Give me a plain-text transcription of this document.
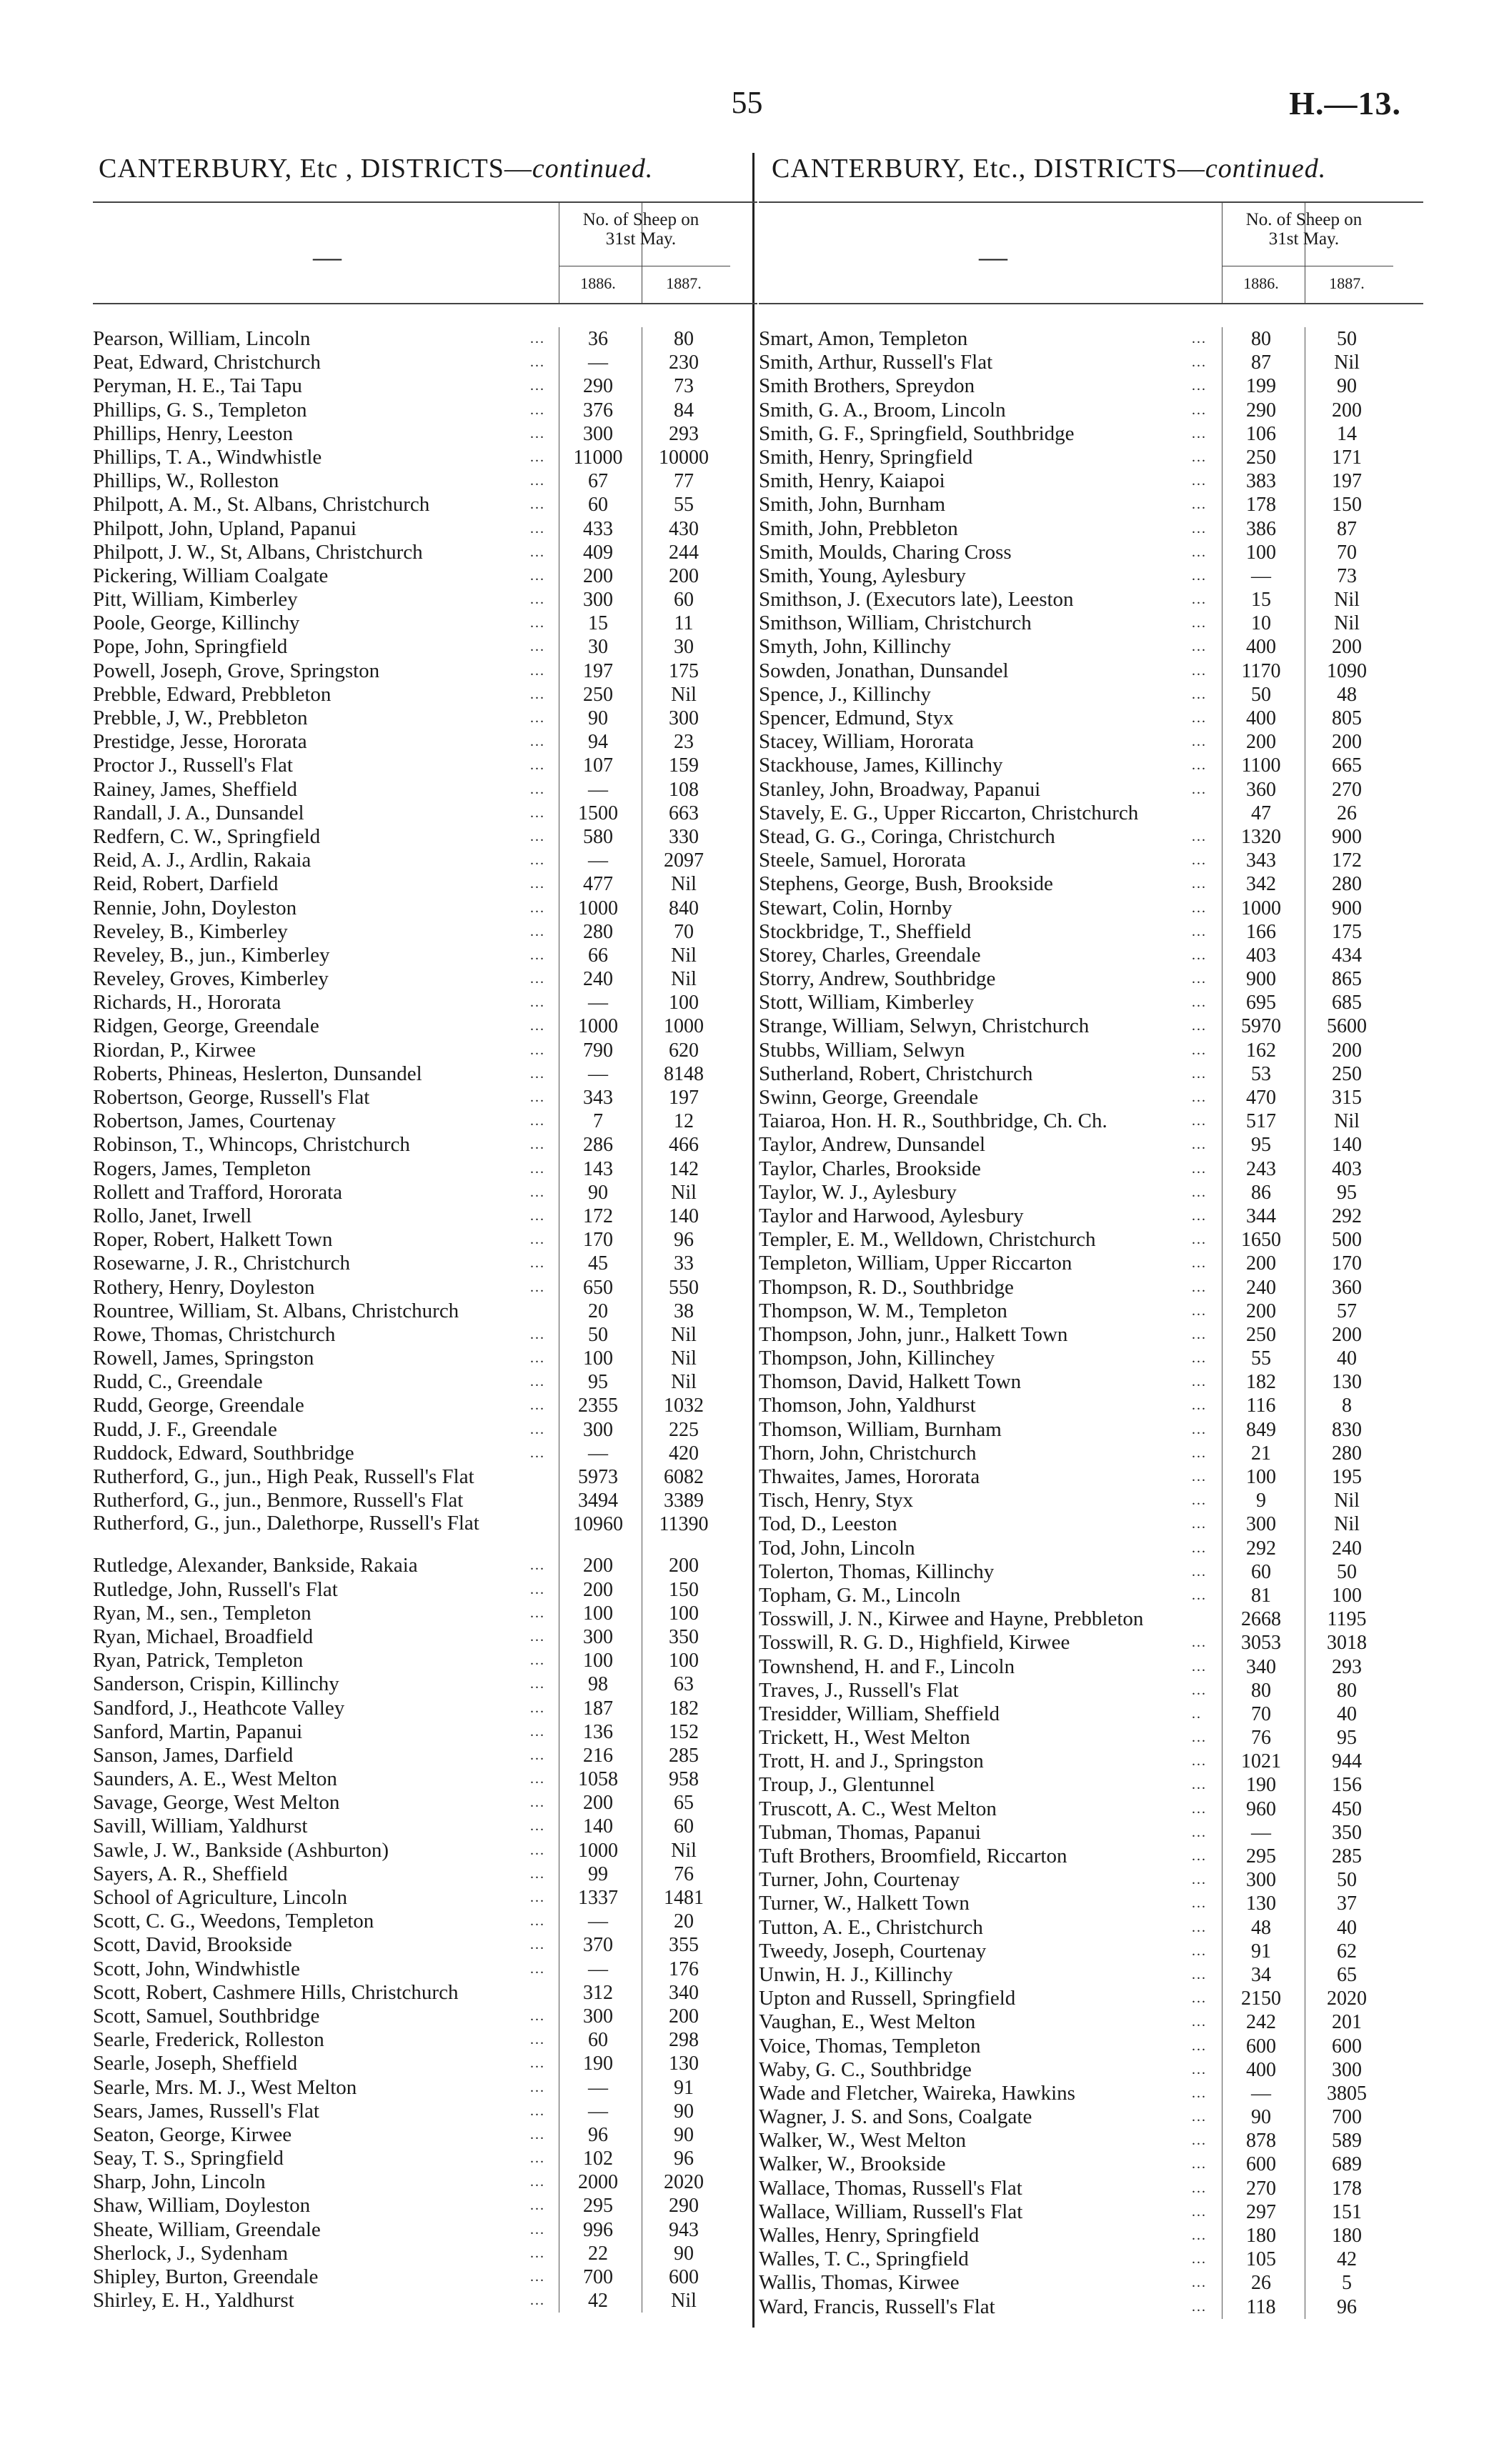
55	H.—13.
CANTERBURY, Etc , DISTRICTS—continued.	CANTERBURY, Etc., DISTRICTS—continued.
—
No. of Sheep on
31st May.
1886.	1887.
Pearson, William, Lincoln	...	36	80
Peat, Edward, Christchurch	...	—	230
Peryman, H. E., Tai Tapu	...	290	73
Phillips, G. S., Templeton	...	376	84
Phillips, Henry, Leeston	...	300	293
Phillips, T. A., Windwhistle	...	11000	10000
Phillips, W., Rolleston	...	67	77
Philpott, A. M., St. Albans, Christchurch	...	60	55
Philpott, John, Upland, Papanui	...	433	430
Philpott, J. W., St, Albans, Christchurch	...	409	244
Pickering, William Coalgate	...	200	200
Pitt, William, Kimberley	...	300	60
Poole, George, Killinchy	...	15	11
Pope, John, Springfield	...	30	30
Powell, Joseph, Grove, Springston	...	197	175
Prebble, Edward, Prebbleton	...	250	Nil
Prebble, J, W., Prebbleton	...	90	300
Prestidge, Jesse, Hororata	...	94	23
Proctor J., Russell's Flat	...	107	159
Rainey, James, Sheffield	...	—	108
Randall, J. A., Dunsandel	...	1500	663
Redfern, C. W., Springfield	...	580	330
Reid, A. J., Ardlin, Rakaia	...	—	2097
Reid, Robert, Darfield	...	477	Nil
Rennie, John, Doyleston	...	1000	840
Reveley, B., Kimberley	...	280	70
Reveley, B., jun., Kimberley	...	66	Nil
Reveley, Groves, Kimberley	...	240	Nil
Richards, H., Hororata	...	—	100
Ridgen, George, Greendale	...	1000	1000
Riordan, P., Kirwee	...	790	620
Roberts, Phineas, Heslerton, Dunsandel	...	—	8148
Robertson, George, Russell's Flat	...	343	197
Robertson, James, Courtenay	...	7	12
Robinson, T., Whincops, Christchurch	...	286	466
Rogers, James, Templeton	...	143	142
Rollett and Trafford, Hororata	...	90	Nil
Rollo, Janet, Irwell	...	172	140
Roper, Robert, Halkett Town	...	170	96
Rosewarne, J. R., Christchurch	...	45	33
Rothery, Henry, Doyleston	...	650	550
Rountree, William, St. Albans, Christchurch	20	38
Rowe, Thomas, Christchurch	...	50	Nil
Rowell, James, Springston	...	100	Nil
Rudd, C., Greendale	...	95	Nil
Rudd, George, Greendale	...	2355	1032
Rudd, J. F., Greendale	...	300	225
Ruddock, Edward, Southbridge	...	—	420
Rutherford, G., jun., High Peak, Russell's Flat	5973	6082
Rutherford, G., jun., Benmore, Russell's Flat	3494	3389
Rutherford, G., jun., Dalethorpe, Russell's Flat	10960	11390
Rutledge, Alexander, Bankside, Rakaia	...	200	200
Rutledge, John, Russell's Flat	...	200	150
Ryan, M., sen., Templeton	...	100	100
Ryan, Michael, Broadfield	...	300	350
Ryan, Patrick, Templeton	...	100	100
Sanderson, Crispin, Killinchy	...	98	63
Sandford, J., Heathcote Valley	...	187	182
Sanford, Martin, Papanui	...	136	152
Sanson, James, Darfield	...	216	285
Saunders, A. E., West Melton	...	1058	958
Savage, George, West Melton	...	200	65
Savill, William, Yaldhurst	...	140	60
Sawle, J. W., Bankside (Ashburton)	...	1000	Nil
Sayers, A. R., Sheffield	...	99	76
School of Agriculture, Lincoln	...	1337	1481
Scott, C. G., Weedons, Templeton	...	—	20
Scott, David, Brookside	...	370	355
Scott, John, Windwhistle	...	—	176
Scott, Robert, Cashmere Hills, Christchurch	312	340
Scott, Samuel, Southbridge	...	300	200
Searle, Frederick, Rolleston	...	60	298
Searle, Joseph, Sheffield	...	190	130
Searle, Mrs. M. J., West Melton	...	—	91
Sears, James, Russell's Flat	...	—	90
Seaton, George, Kirwee	...	96	90
Seay, T. S., Springfield	...	102	96
Sharp, John, Lincoln	...	2000	2020
Shaw, William, Doyleston	...	295	290
Sheate, William, Greendale	...	996	943
Sherlock, J., Sydenham	...	22	90
Shipley, Burton, Greendale	...	700	600
Shirley, E. H., Yaldhurst	...	42	Nil
—
No. of Sheep on
31st May.
1886.	1887.
Smart, Amon, Templeton	...	80	50
Smith, Arthur, Russell's Flat	...	87	Nil
Smith Brothers, Spreydon	...	199	90
Smith, G. A., Broom, Lincoln	...	290	200
Smith, G. F., Springfield, Southbridge	...	106	14
Smith, Henry, Springfield	...	250	171
Smith, Henry, Kaiapoi	...	383	197
Smith, John, Burnham	...	178	150
Smith, John, Prebbleton	...	386	87
Smith, Moulds, Charing Cross	...	100	70
Smith, Young, Aylesbury	...	—	73
Smithson, J. (Executors late), Leeston	...	15	Nil
Smithson, William, Christchurch	...	10	Nil
Smyth, John, Killinchy	...	400	200
Sowden, Jonathan, Dunsandel	...	1170	1090
Spence, J., Killinchy	...	50	48
Spencer, Edmund, Styx	...	400	805
Stacey, William, Hororata	...	200	200
Stackhouse, James, Killinchy	...	1100	665
Stanley, John, Broadway, Papanui	...	360	270
Stavely, E. G., Upper Riccarton, Christchurch	47	26
Stead, G. G., Coringa, Christchurch	...	1320	900
Steele, Samuel, Hororata	...	343	172
Stephens, George, Bush, Brookside	...	342	280
Stewart, Colin, Hornby	...	1000	900
Stockbridge, T., Sheffield	...	166	175
Storey, Charles, Greendale	...	403	434
Storry, Andrew, Southbridge	...	900	865
Stott, William, Kimberley	...	695	685
Strange, William, Selwyn, Christchurch	...	5970	5600
Stubbs, William, Selwyn	...	162	200
Sutherland, Robert, Christchurch	...	53	250
Swinn, George, Greendale	...	470	315
Taiaroa, Hon. H. R., Southbridge, Ch. Ch.	...	517	Nil
Taylor, Andrew, Dunsandel	...	95	140
Taylor, Charles, Brookside	...	243	403
Taylor, W. J., Aylesbury	...	86	95
Taylor and Harwood, Aylesbury	...	344	292
Templer, E. M., Welldown, Christchurch	...	1650	500
Templeton, William, Upper Riccarton	...	200	170
Thompson, R. D., Southbridge	...	240	360
Thompson, W. M., Templeton	...	200	57
Thompson, John, junr., Halkett Town	...	250	200
Thompson, John, Killinchey	...	55	40
Thomson, David, Halkett Town	...	182	130
Thomson, John, Yaldhurst	...	116	8
Thomson, William, Burnham	...	849	830
Thorn, John, Christchurch	...	21	280
Thwaites, James, Hororata	...	100	195
Tisch, Henry, Styx	...	9	Nil
Tod, D., Leeston	...	300	Nil
Tod, John, Lincoln	...	292	240
Tolerton, Thomas, Killinchy	...	60	50
Topham, G. M., Lincoln	...	81	100
Tosswill, J. N., Kirwee and Hayne, Prebbleton	2668	1195
Tosswill, R. G. D., Highfield, Kirwee	...	3053	3018
Townshend, H. and F., Lincoln	...	340	293
Traves, J., Russell's Flat	...	80	80
Tresidder, William, Sheffield	..	70	40
Trickett, H., West Melton	...	76	95
Trott, H. and J., Springston	...	1021	944
Troup, J., Glentunnel	...	190	156
Truscott, A. C., West Melton	...	960	450
Tubman, Thomas, Papanui	...	—	350
Tuft Brothers, Broomfield, Riccarton	...	295	285
Turner, John, Courtenay	...	300	50
Turner, W., Halkett Town	...	130	37
Tutton, A. E., Christchurch	...	48	40
Tweedy, Joseph, Courtenay	...	91	62
Unwin, H. J., Killinchy	...	34	65
Upton and Russell, Springfield	...	2150	2020
Vaughan, E., West Melton	...	242	201
Voice, Thomas, Templeton	...	600	600
Waby, G. C., Southbridge	...	400	300
Wade and Fletcher, Waireka, Hawkins	...	—	3805
Wagner, J. S. and Sons, Coalgate	...	90	700
Walker, W., West Melton	...	878	589
Walker, W., Brookside	...	600	689
Wallace, Thomas, Russell's Flat	...	270	178
Wallace, William, Russell's Flat	...	297	151
Walles, Henry, Springfield	...	180	180
Walles, T. C., Springfield	...	105	42
Wallis, Thomas, Kirwee	...	26	5
Ward, Francis, Russell's Flat	...	118	96
